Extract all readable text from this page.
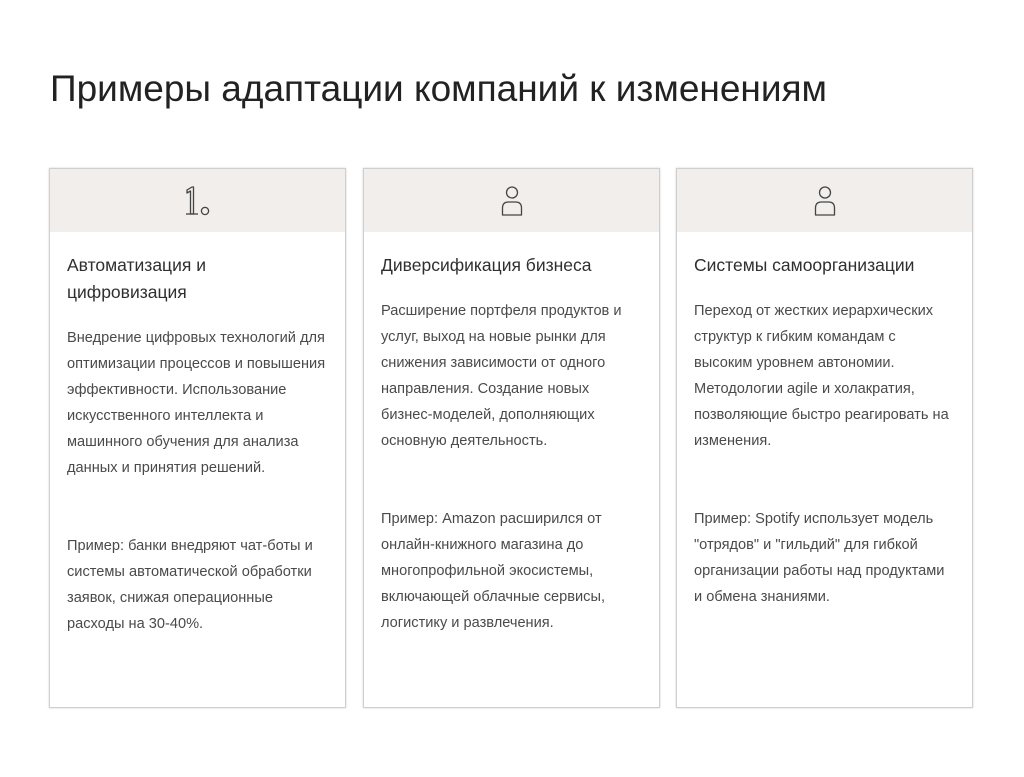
Примеры адаптации компаний к изменениям
Автоматизация и цифровизация

Внедрение цифровых технологий для оптимизации процессов и повышения эффективности. Использование искусственного интеллекта и машинного обучения для анализа данных и принятия решений.

Пример: банки внедряют чат-боты и системы автоматической обработки заявок, снижая операционные расходы на 30-40%.

Диверсификация бизнеса

Расширение портфеля продуктов и услуг, выход на новые рынки для снижения зависимости от одного направления. Создание новых бизнес-моделей, дополняющих основную деятельность.

Пример: Amazon расширился от онлайн-книжного магазина до многопрофильной экосистемы, включающей облачные сервисы, логистику и развлечения.

Системы самоорганизации

Переход от жестких иерархических структур к гибким командам с высоким уровнем автономии. Методологии agile и холакратия, позволяющие быстро реагировать на изменения.

Пример: Spotify использует модель "отрядов" и "гильдий" для гибкой организации работы над продуктами и обмена знаниями.
